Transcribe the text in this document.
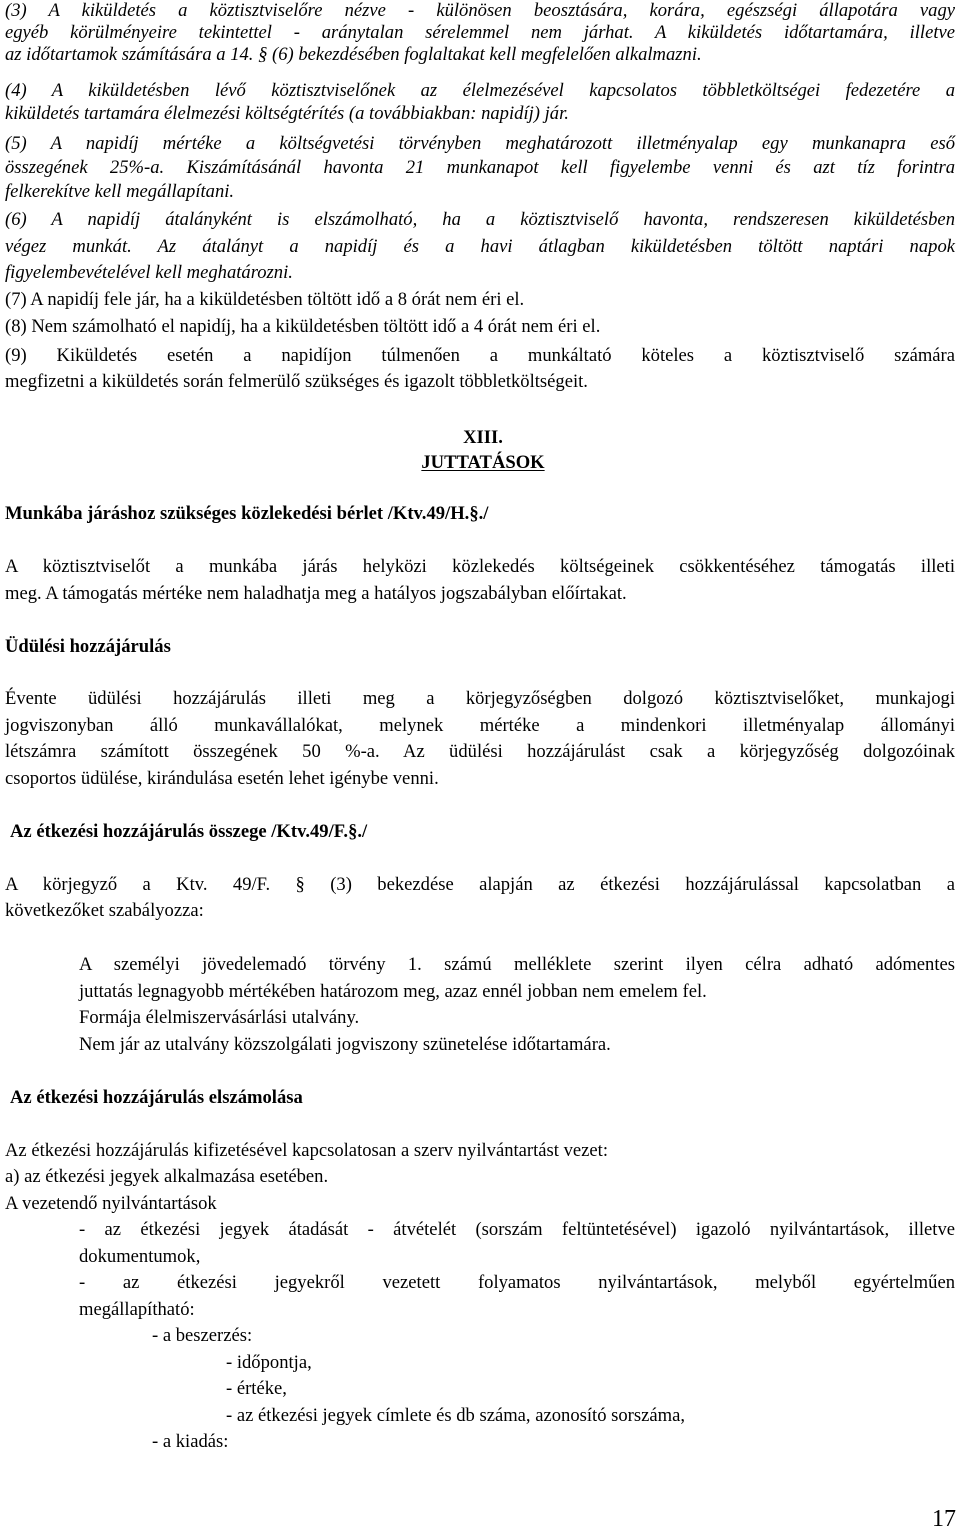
(3) A kiküldetés a köztisztviselőre nézve - különösen beosztására, korára, egészségi állapotára vagy
egyéb körülményeire tekintettel - aránytalan sérelemmel nem járhat. A kiküldetés időtartamára, illetve
az időtartamok számítására a 14. § (6) bekezdésében foglaltakat kell megfelelően alkalmazni.
(4) A kiküldetésben lévő köztisztviselőnek az élelmezésével kapcsolatos többletköltségei fedezetére a
kiküldetés tartamára élelmezési költségtérítés (a továbbiakban: napidíj) jár.
(5) A napidíj mértéke a költségvetési törvényben meghatározott illetményalap egy munkanapra eső
összegének 25%-a. Kiszámításánál havonta 21 munkanapot kell figyelembe venni és azt tíz forintra
felkerekítve kell megállapítani.
(6) A napidíj átalányként is elszámolható, ha a köztisztviselő havonta, rendszeresen kiküldetésben
végez munkát. Az átalányt a napidíj és a havi átlagban kiküldetésben töltött naptári napok
figyelembevételével kell meghatározni.
(7) A napidíj fele jár, ha a kiküldetésben töltött idő a 8 órát nem éri el.
(8) Nem számolható el napidíj, ha a kiküldetésben töltött idő a 4 órát nem éri el.
(9) Kiküldetés esetén a napidíjon túlmenően a munkáltató köteles a köztisztviselő számára
megfizetni a kiküldetés során felmerülő szükséges és igazolt többletköltségeit.
XIII.
JUTTATÁSOK
Munkába járáshoz szükséges közlekedési bérlet /Ktv.49/H.§./
A köztisztviselőt a munkába járás helyközi közlekedés költségeinek csökkentéséhez támogatás illeti
meg. A támogatás mértéke nem haladhatja meg a hatályos jogszabályban előírtakat.
Üdülési hozzájárulás
Évente üdülési hozzájárulás illeti meg a körjegyzőségben dolgozó köztisztviselőket, munkajogi
jogviszonyban álló munkavállalókat, melynek mértéke a mindenkori illetményalap állományi
létszámra számított összegének 50 %-a. Az üdülési hozzájárulást csak a körjegyzőség dolgozóinak
csoportos üdülése, kirándulása esetén lehet igénybe venni.
Az étkezési hozzájárulás összege /Ktv.49/F.§./
A körjegyző a Ktv. 49/F. § (3) bekezdése alapján az étkezési hozzájárulással kapcsolatban a
következőket szabályozza:
A személyi jövedelemadó törvény 1. számú melléklete szerint ilyen célra adható adómentes
juttatás legnagyobb mértékében határozom meg, azaz ennél jobban nem emelem fel.
Formája élelmiszervásárlási utalvány.
Nem jár az utalvány közszolgálati jogviszony szünetelése időtartamára.
Az étkezési hozzájárulás elszámolása
Az étkezési hozzájárulás kifizetésével kapcsolatosan a szerv nyilvántartást vezet:
a) az étkezési jegyek alkalmazása esetében.
A vezetendő nyilvántartások
- az étkezési jegyek átadását - átvételét (sorszám feltüntetésével) igazoló nyilvántartások, illetve
dokumentumok,
- az étkezési jegyekről vezetett folyamatos nyilvántartások, melyből egyértelműen
megállapítható:
- a beszerzés:
- időpontja,
- értéke,
- az étkezési jegyek címlete és db száma, azonosító sorszáma,
- a kiadás:
17
